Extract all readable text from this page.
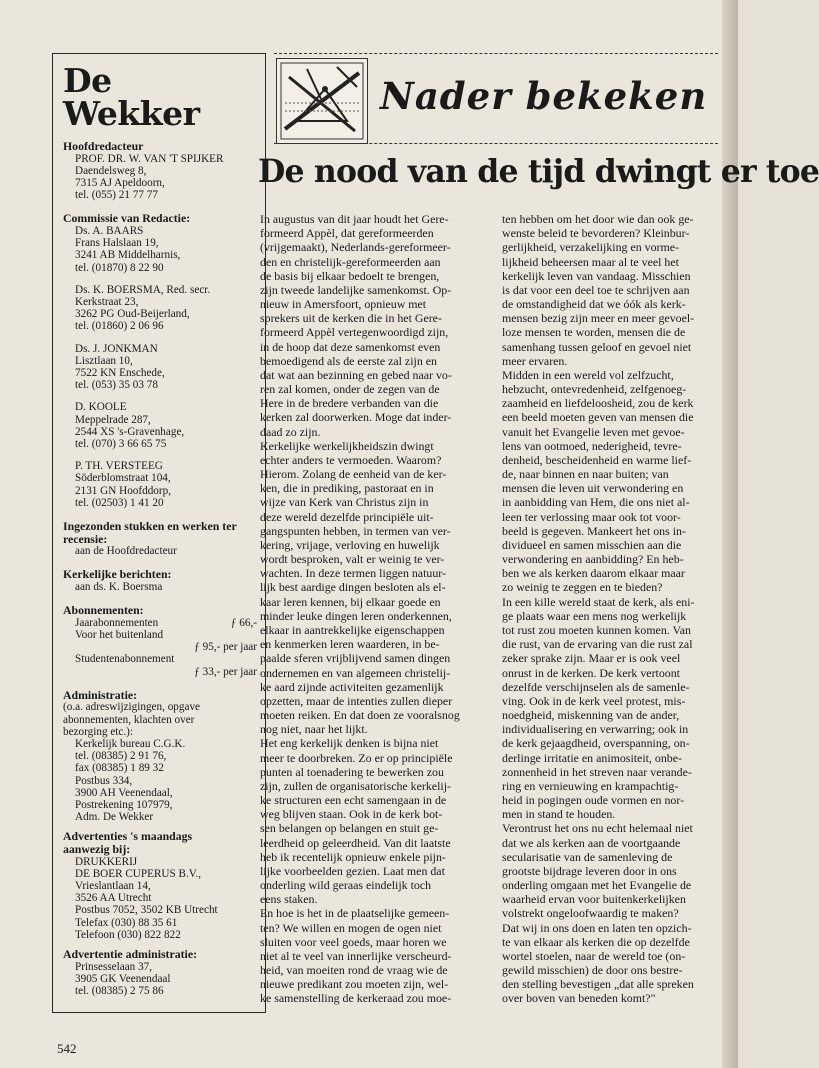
De Wekker
Hoofdredacteur
PROF. DR. W. VAN 'T SPIJKER
Daendelsweg 8,
7315 AJ Apeldoorn,
tel. (055) 21 77 77
Commissie van Redactie:
Ds. A. BAARS
Frans Halslaan 19,
3241 AB Middelharnis,
tel. (01870) 8 22 90
Ds. K. BOERSMA, Red. secr.
Kerkstraat 23,
3262 PG Oud-Beijerland,
tel. (01860) 2 06 96
Ds. J. JONKMAN
Lisztlaan 10,
7522 KN Enschede,
tel. (053) 35 03 78
D. KOOLE
Meppelrade 287,
2544 XS 's-Gravenhage,
tel. (070) 3 66 65 75
P. TH. VERSTEEG
Söderblomstraat 104,
2131 GN Hoofddorp,
tel. (02503) 1 41 20
Ingezonden stukken en werken ter recensie:
aan de Hoofdredacteur
Kerkelijke berichten:
aan ds. K. Boersma
Abonnementen:
Jaarabonnementen	ƒ 66,-
Voor het buitenland
ƒ 95,- per jaar
Studentenabonnement
ƒ 33,- per jaar
Administratie:
(o.a. adreswijzigingen, opgave
abonnementen, klachten over
bezorging etc.):
Kerkelijk bureau C.G.K.
tel. (08385) 2 91 76,
fax (08385) 1 89 32
Postbus 334,
3900 AH Veenendaal,
Postrekening 107979,
Adm. De Wekker
Advertenties 's maandags
aanwezig bij:
DRUKKERIJ
DE BOER CUPERUS B.V.,
Vrieslantlaan 14,
3526 AA Utrecht
Postbus 7052, 3502 KB Utrecht
Telefax (030) 88 35 61
Telefoon (030) 822 822
Advertentie administratie:
Prinsesselaan 37,
3905 GK Veenendaal
tel. (08385) 2 75 86
Nader bekeken
De nood van de tijd dwingt er toe
In augustus van dit jaar houdt het Gere-
formeerd Appèl, dat gereformeerden
(vrijgemaakt), Nederlands-gereformeer-
den en christelijk-gereformeerden aan
de basis bij elkaar bedoelt te brengen,
zijn tweede landelijke samenkomst. Op-
nieuw in Amersfoort, opnieuw met
sprekers uit de kerken die in het Gere-
formeerd Appèl vertegenwoordigd zijn,
in de hoop dat deze samenkomst even
bemoedigend als de eerste zal zijn en
dat wat aan bezinning en gebed naar vo-
ren zal komen, onder de zegen van de
Here in de bredere verbanden van die
kerken zal doorwerken. Moge dat inder-
daad zo zijn.
Kerkelijke werkelijkheidszin dwingt
echter anders te vermoeden. Waarom?
Hierom. Zolang de eenheid van de ker-
ken, die in prediking, pastoraat en in
wijze van Kerk van Christus zijn in
deze wereld dezelfde principiële uit-
gangspunten hebben, in termen van ver-
kering, vrijage, verloving en huwelijk
wordt besproken, valt er weinig te ver-
wachten. In deze termen liggen natuur-
lijk best aardige dingen besloten als el-
kaar leren kennen, bij elkaar goede en
minder leuke dingen leren onderkennen,
elkaar in aantrekkelijke eigenschappen
en kenmerken leren waarderen, in be-
paalde sferen vrijblijvend samen dingen
ondernemen en van algemeen christelij-
ke aard zijnde activiteiten gezamenlijk
opzetten, maar de intenties zullen dieper
moeten reiken. En dat doen ze vooralsnog
nog niet, naar het lijkt.
Het eng kerkelijk denken is bijna niet
meer te doorbreken. Zo er op principiële
punten al toenadering te bewerken zou
zijn, zullen de organisatorische kerkelij-
ke structuren een echt samengaan in de
weg blijven staan. Ook in de kerk bot-
sen belangen op belangen en stuit ge-
leerdheid op geleerdheid. Van dit laatste
heb ik recentelijk opnieuw enkele pijn-
lijke voorbeelden gezien. Laat men dat
onderling wild geraas eindelijk toch
eens staken.
En hoe is het in de plaatselijke gemeen-
ten? We willen en mogen de ogen niet
sluiten voor veel goeds, maar horen we
niet al te veel van innerlijke verscheurd-
heid, van moeiten rond de vraag wie de
nieuwe predikant zou moeten zijn, wel-
ke samenstelling de kerkeraad zou moe-
ten hebben om het door wie dan ook ge-
wenste beleid te bevorderen? Kleinbur-
gerlijkheid, verzakelijking en vorme-
lijkheid beheersen maar al te veel het
kerkelijk leven van vandaag. Misschien
is dat voor een deel toe te schrijven aan
de omstandigheid dat we óók als kerk-
mensen bezig zijn meer en meer gevoel-
loze mensen te worden, mensen die de
samenhang tussen geloof en gevoel niet
meer ervaren.
Midden in een wereld vol zelfzucht,
hebzucht, ontevredenheid, zelfgenoeg-
zaamheid en liefdeloosheid, zou de kerk
een beeld moeten geven van mensen die
vanuit het Evangelie leven met gevoe-
lens van ootmoed, nederigheid, tevre-
denheid, bescheidenheid en warme lief-
de, naar binnen en naar buiten; van
mensen die leven uit verwondering en
in aanbidding van Hem, die ons niet al-
leen ter verlossing maar ook tot voor-
beeld is gegeven. Mankeert het ons in-
dividueel en samen misschien aan die
verwondering en aanbidding? En heb-
ben we als kerken daarom elkaar maar
zo weinig te zeggen en te bieden?
In een kille wereld staat de kerk, als eni-
ge plaats waar een mens nog werkelijk
tot rust zou moeten kunnen komen. Van
die rust, van de ervaring van die rust zal
zeker sprake zijn. Maar er is ook veel
onrust in de kerken. De kerk vertoont
dezelfde verschijnselen als de samenle-
ving. Ook in de kerk veel protest, mis-
noedgheid, miskenning van de ander,
individualisering en verwarring; ook in
de kerk gejaagdheid, overspanning, on-
derlinge irritatie en animositeit, onbe-
zonnenheid in het streven naar verande-
ring en vernieuwing en krampachtig-
heid in pogingen oude vormen en nor-
men in stand te houden.
Verontrust het ons nu echt helemaal niet
dat we als kerken aan de voortgaande
secularisatie van de samenleving de
grootste bijdrage leveren door in ons
onderling omgaan met het Evangelie de
waarheid ervan voor buitenkerkelijken
volstrekt ongeloofwaardig te maken?
Dat wij in ons doen en laten ten opzich-
te van elkaar als kerken die op dezelfde
wortel stoelen, naar de wereld toe (on-
gewild misschien) de door ons bestre-
den stelling bevestigen „dat alle spreken
over boven van beneden komt?"
542
